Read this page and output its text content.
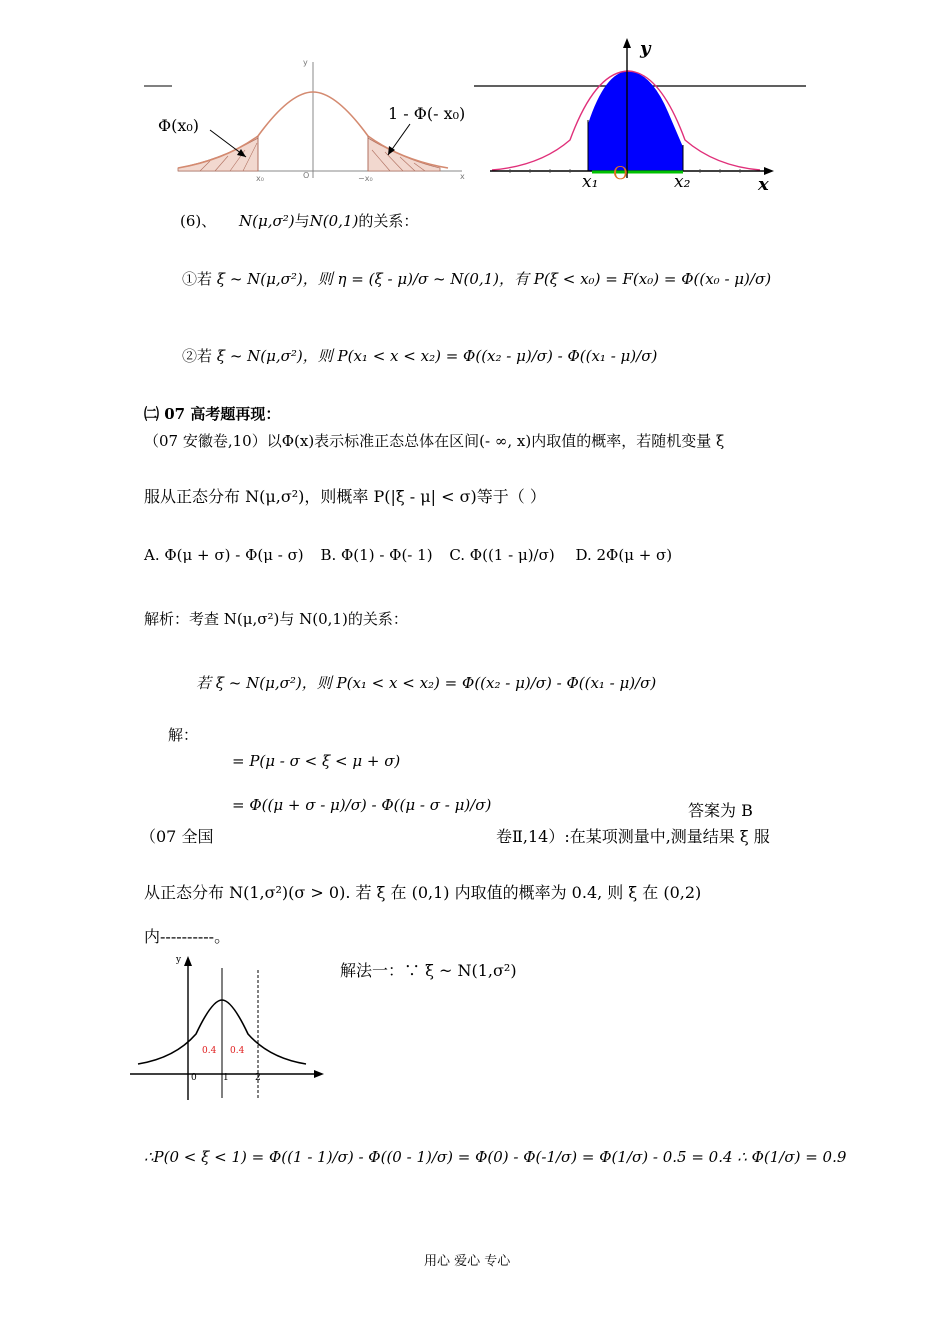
Φ(x₀)
1 - Φ(- x₀)
y
x
x₀	O	−x₀
y
x
x₁	x₂
O
(6)、 N(μ,σ²)与N(0,1)的关系：
①若 ξ ~ N(μ,σ²)，则 η = (ξ - μ)/σ ~ N(0,1)，有 P(ξ < x₀) = F(x₀) = Φ((x₀ - μ)/σ)
②若 ξ ~ N(μ,σ²)，则 P(x₁ < x < x₂) = Φ((x₂ - μ)/σ) - Φ((x₁ - μ)/σ)
㈡ 07 高考题再现：
（07 安徽卷,10）以Φ(x)表示标准正态总体在区间(- ∞, x)内取值的概率，若随机变量 ξ
服从正态分布 N(μ,σ²)，则概率 P(|ξ - μ| < σ)等于（ ）
A. Φ(μ + σ) - Φ(μ - σ) B. Φ(1) - Φ(- 1) C. Φ((1 - μ)/σ) D. 2Φ(μ + σ)
解析：考查 N(μ,σ²)与 N(0,1)的关系：
若 ξ ~ N(μ,σ²)，则 P(x₁ < x < x₂) = Φ((x₂ - μ)/σ) - Φ((x₁ - μ)/σ)
解：
= P(μ - σ < ξ < μ + σ)
= Φ((μ + σ - μ)/σ) - Φ((μ - σ - μ)/σ)	答案为 B
（07 全国	卷Ⅱ,14）:在某项测量中,测量结果 ξ 服
从正态分布 N(1,σ²)(σ > 0). 若 ξ 在 (0,1) 内取值的概率为 0.4, 则 ξ 在 (0,2)
内----------。
解法一：∵ ξ ~ N(1,σ²)
y
0	1	2
0.4 0.4
∴P(0 < ξ < 1) = Φ((1 - 1)/σ) - Φ((0 - 1)/σ) = Φ(0) - Φ(-1/σ) = Φ(1/σ) - 0.5 = 0.4 ∴ Φ(1/σ) = 0.9
用心 爱心 专心
